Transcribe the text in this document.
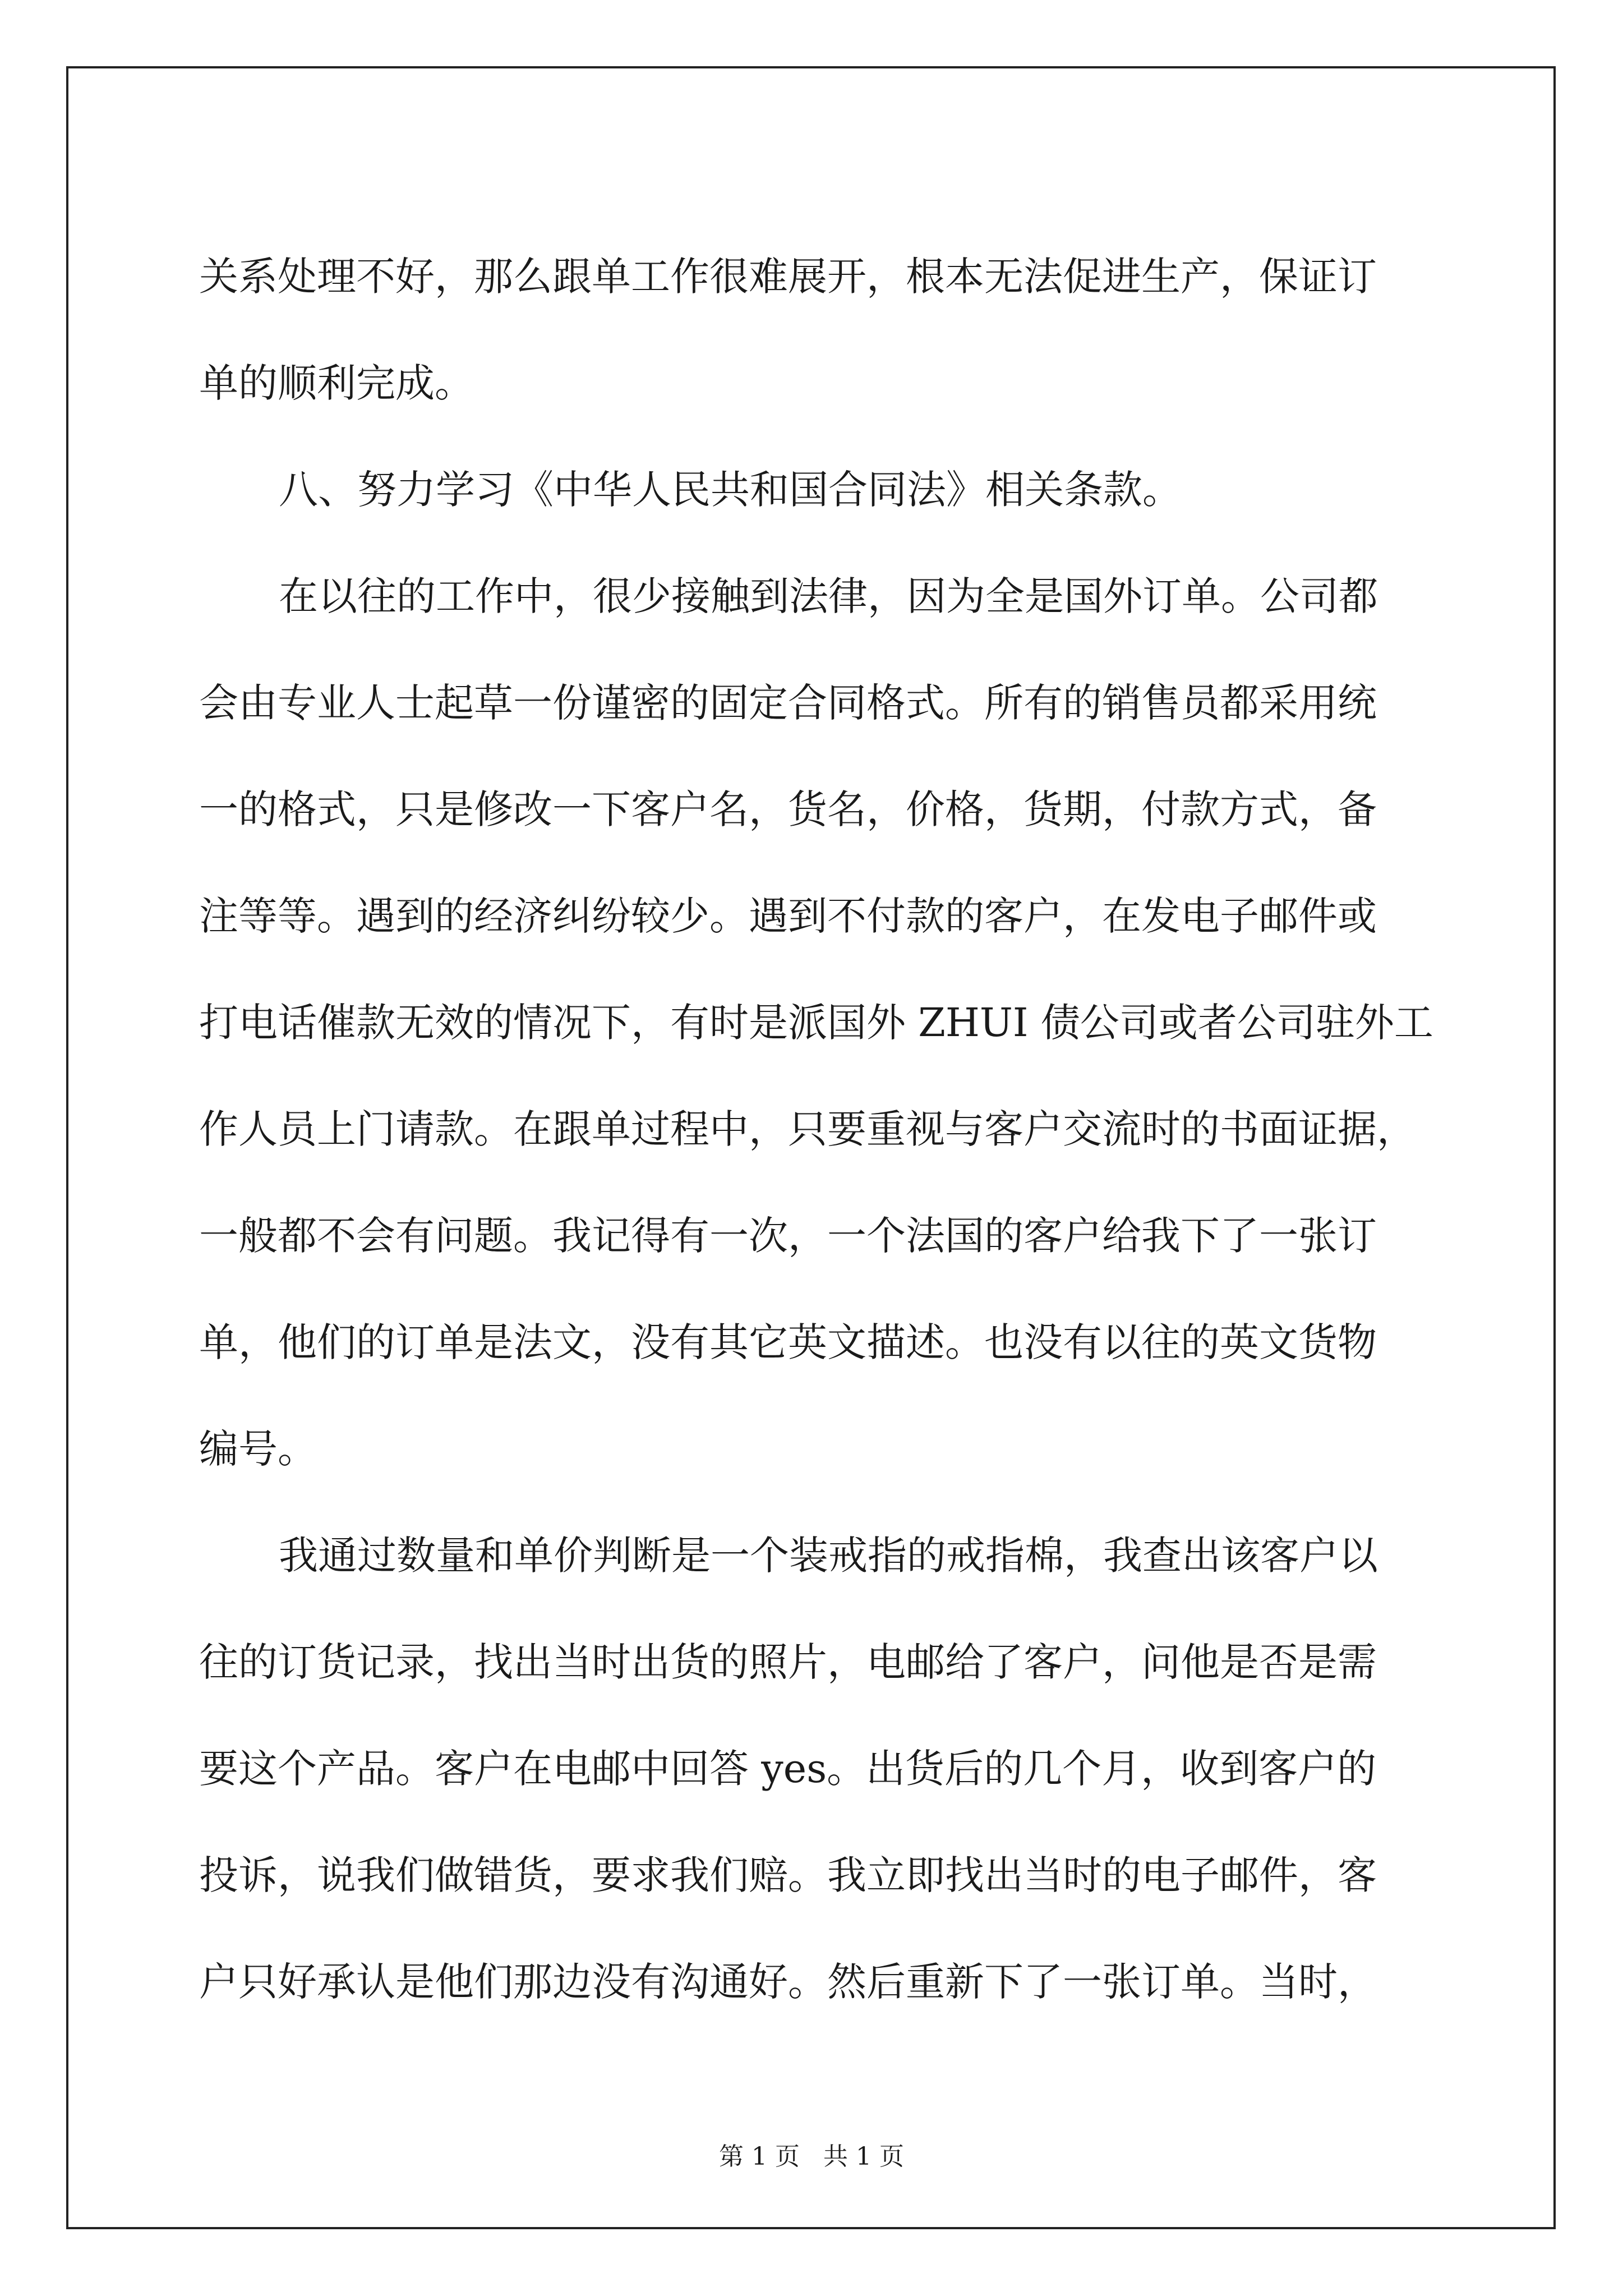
关系处理不好，那么跟单工作很难展开，根本无法促进生产，保证订
单的顺利完成。
八、努力学习《中华人民共和国合同法》相关条款。
在以往的工作中，很少接触到法律，因为全是国外订单。公司都
会由专业人士起草一份谨密的固定合同格式。所有的销售员都采用统
一的格式，只是修改一下客户名，货名，价格，货期，付款方式，备
注等等。遇到的经济纠纷较少。遇到不付款的客户，在发电子邮件或
打电话催款无效的情况下，有时是派国外 ZHUI 债公司或者公司驻外工
作人员上门请款。在跟单过程中，只要重视与客户交流时的书面证据，
一般都不会有问题。我记得有一次，一个法国的客户给我下了一张订
单，他们的订单是法文，没有其它英文描述。也没有以往的英文货物
编号。
我通过数量和单价判断是一个装戒指的戒指棉，我查出该客户以
往的订货记录，找出当时出货的照片，电邮给了客户，问他是否是需
要这个产品。客户在电邮中回答 yes。出货后的几个月，收到客户的
投诉，说我们做错货，要求我们赔。我立即找出当时的电子邮件，客
户只好承认是他们那边没有沟通好。然后重新下了一张订单。当时，
第 1 页   共 1 页
